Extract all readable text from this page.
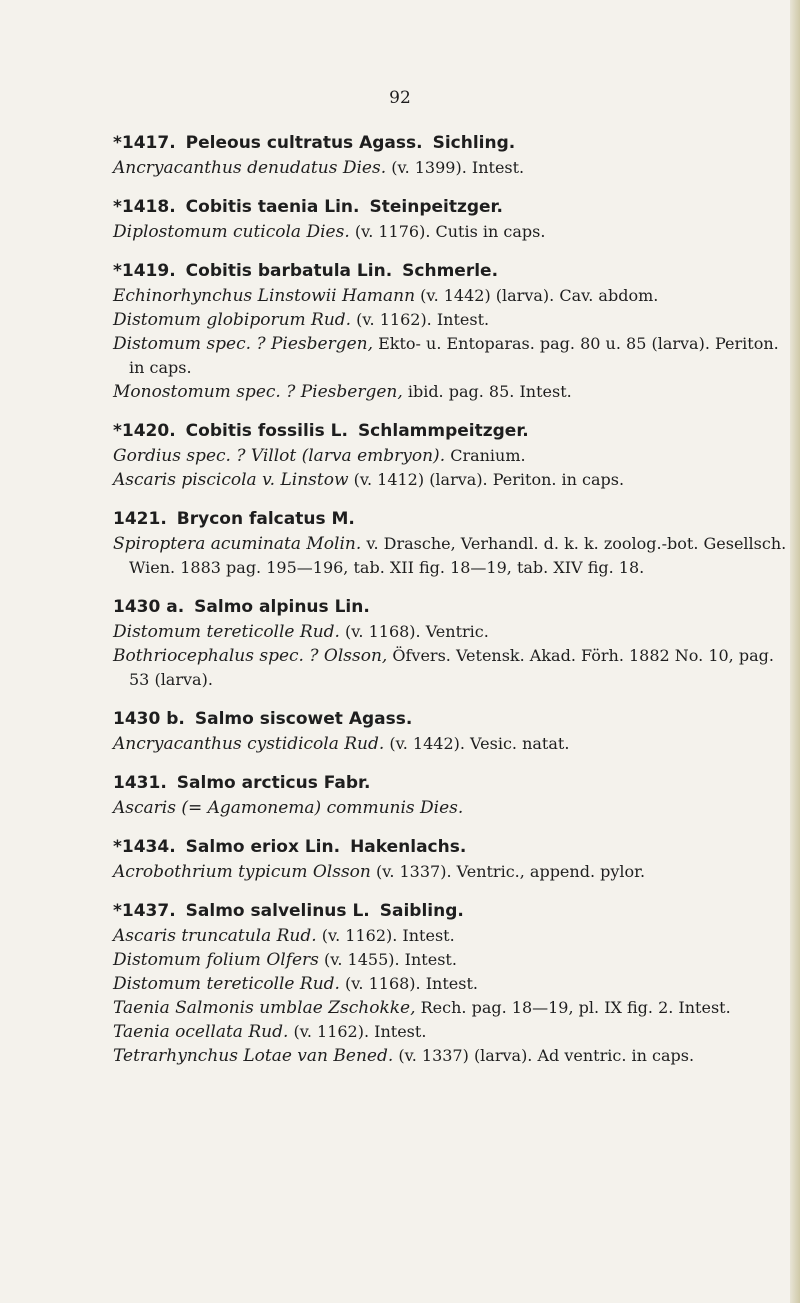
92
*1417. Peleous cultratus Agass. Sichling.
Ancryacanthus denudatus Dies. (v. 1399). Intest.
*1418. Cobitis taenia Lin. Steinpeitzger.
Diplostomum cuticola Dies. (v. 1176). Cutis in caps.
*1419. Cobitis barbatula Lin. Schmerle.
Echinorhynchus Linstowii Hamann (v. 1442) (larva). Cav. abdom.
Distomum globiporum Rud. (v. 1162). Intest.
Distomum spec. ? Piesbergen, Ekto- u. Entoparas. pag. 80 u. 85 (larva). Periton. in caps.
Monostomum spec. ? Piesbergen, ibid. pag. 85. Intest.
*1420. Cobitis fossilis L. Schlammpeitzger.
Gordius spec. ? Villot (larva embryon). Cranium.
Ascaris piscicola v. Linstow (v. 1412) (larva). Periton. in caps.
1421. Brycon falcatus M.
Spiroptera acuminata Molin. v. Drasche, Verhandl. d. k. k. zoolog.-bot. Gesellsch. Wien. 1883 pag. 195—196, tab. XII fig. 18—19, tab. XIV fig. 18.
1430 a. Salmo alpinus Lin.
Distomum tereticolle Rud. (v. 1168). Ventric.
Bothriocephalus spec. ? Olsson, Öfvers. Vetensk. Akad. Förh. 1882 No. 10, pag. 53 (larva).
1430 b. Salmo siscowet Agass.
Ancryacanthus cystidicola Rud. (v. 1442). Vesic. natat.
1431. Salmo arcticus Fabr.
Ascaris (= Agamonema) communis Dies.
*1434. Salmo eriox Lin. Hakenlachs.
Acrobothrium typicum Olsson (v. 1337). Ventric., append. pylor.
*1437. Salmo salvelinus L. Saibling.
Ascaris truncatula Rud. (v. 1162). Intest.
Distomum folium Olfers (v. 1455). Intest.
Distomum tereticolle Rud. (v. 1168). Intest.
Taenia Salmonis umblae Zschokke, Rech. pag. 18—19, pl. IX fig. 2. Intest.
Taenia ocellata Rud. (v. 1162). Intest.
Tetrarhynchus Lotae van Bened. (v. 1337) (larva). Ad ventric. in caps.
